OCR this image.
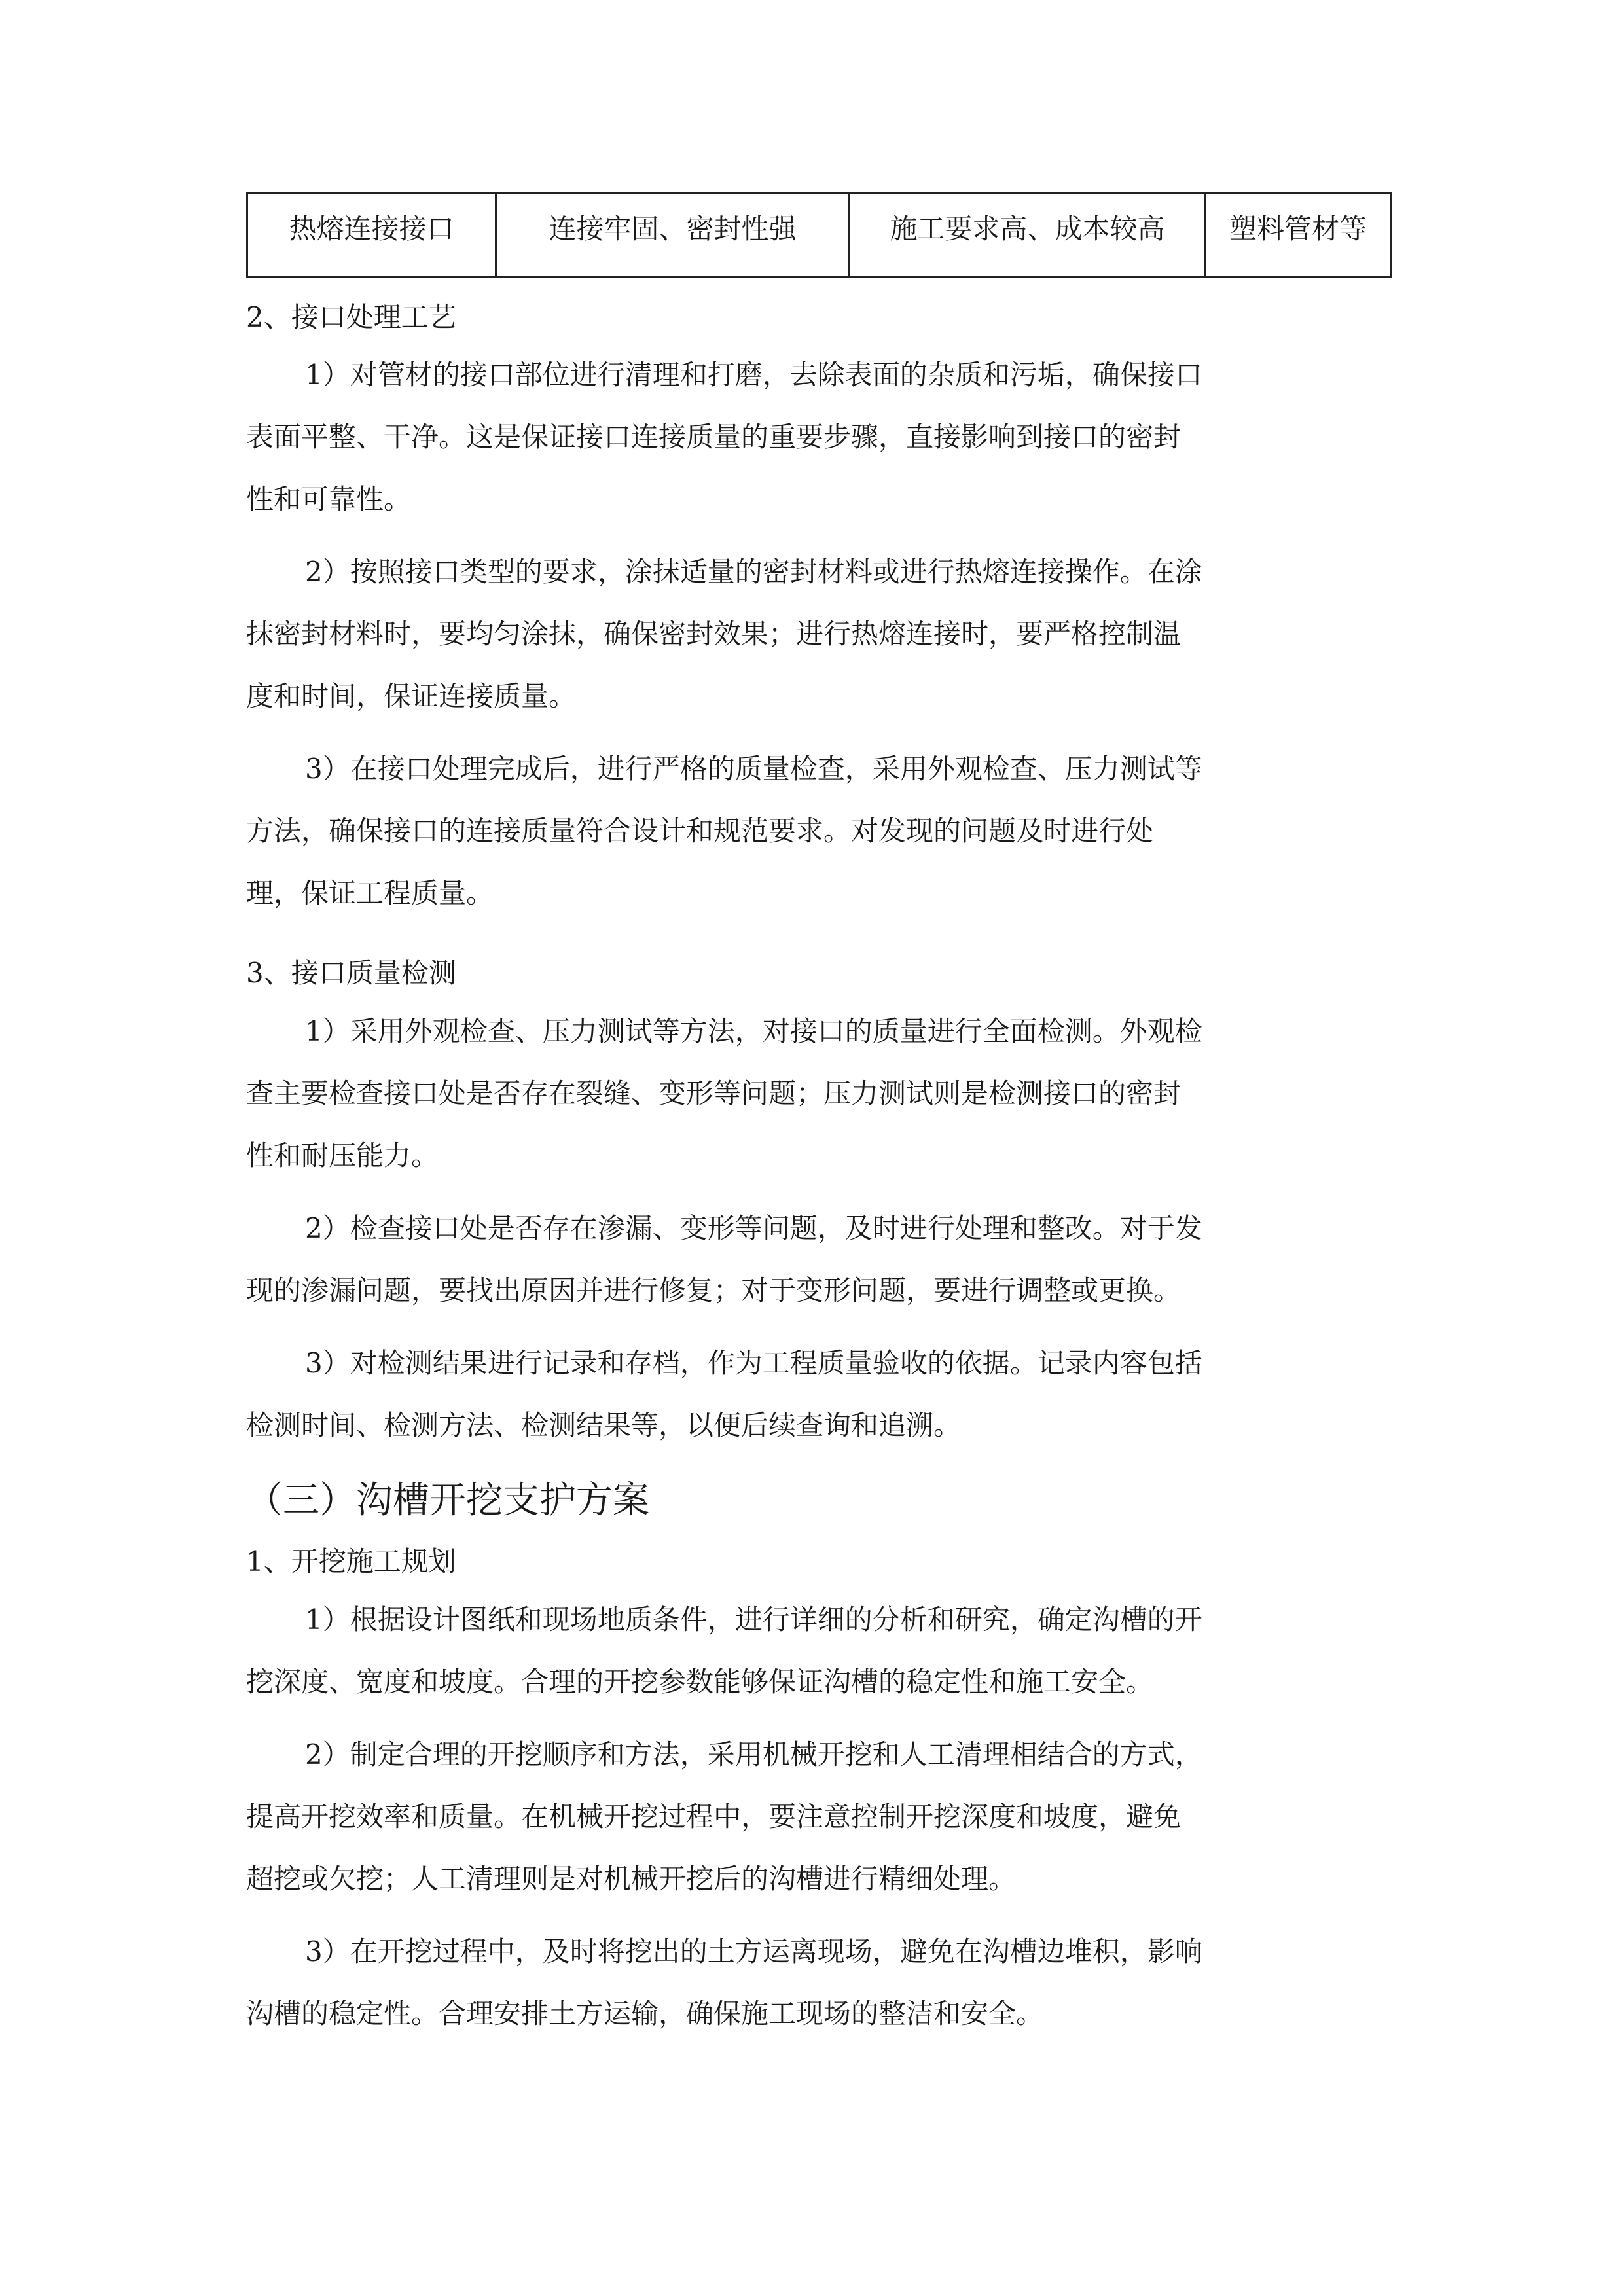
热熔连接接口	连接牢固、密封性强	施工要求高、成本较高	塑料管材等
2、接口处理工艺
1）对管材的接口部位进行清理和打磨，去除表面的杂质和污垢，确保接口
表面平整、干净。这是保证接口连接质量的重要步骤，直接影响到接口的密封
性和可靠性。
2）按照接口类型的要求，涂抹适量的密封材料或进行热熔连接操作。在涂
抹密封材料时，要均匀涂抹，确保密封效果；进行热熔连接时，要严格控制温
度和时间，保证连接质量。
3）在接口处理完成后，进行严格的质量检查，采用外观检查、压力测试等
方法，确保接口的连接质量符合设计和规范要求。对发现的问题及时进行处
理，保证工程质量。
3、接口质量检测
1）采用外观检查、压力测试等方法，对接口的质量进行全面检测。外观检
查主要检查接口处是否存在裂缝、变形等问题；压力测试则是检测接口的密封
性和耐压能力。
2）检查接口处是否存在渗漏、变形等问题，及时进行处理和整改。对于发
现的渗漏问题，要找出原因并进行修复；对于变形问题，要进行调整或更换。
3）对检测结果进行记录和存档，作为工程质量验收的依据。记录内容包括
检测时间、检测方法、检测结果等，以便后续查询和追溯。
（三）沟槽开挖支护方案
1、开挖施工规划
1）根据设计图纸和现场地质条件，进行详细的分析和研究，确定沟槽的开
挖深度、宽度和坡度。合理的开挖参数能够保证沟槽的稳定性和施工安全。
2）制定合理的开挖顺序和方法，采用机械开挖和人工清理相结合的方式，
提高开挖效率和质量。在机械开挖过程中，要注意控制开挖深度和坡度，避免
超挖或欠挖；人工清理则是对机械开挖后的沟槽进行精细处理。
3）在开挖过程中，及时将挖出的土方运离现场，避免在沟槽边堆积，影响
沟槽的稳定性。合理安排土方运输，确保施工现场的整洁和安全。
